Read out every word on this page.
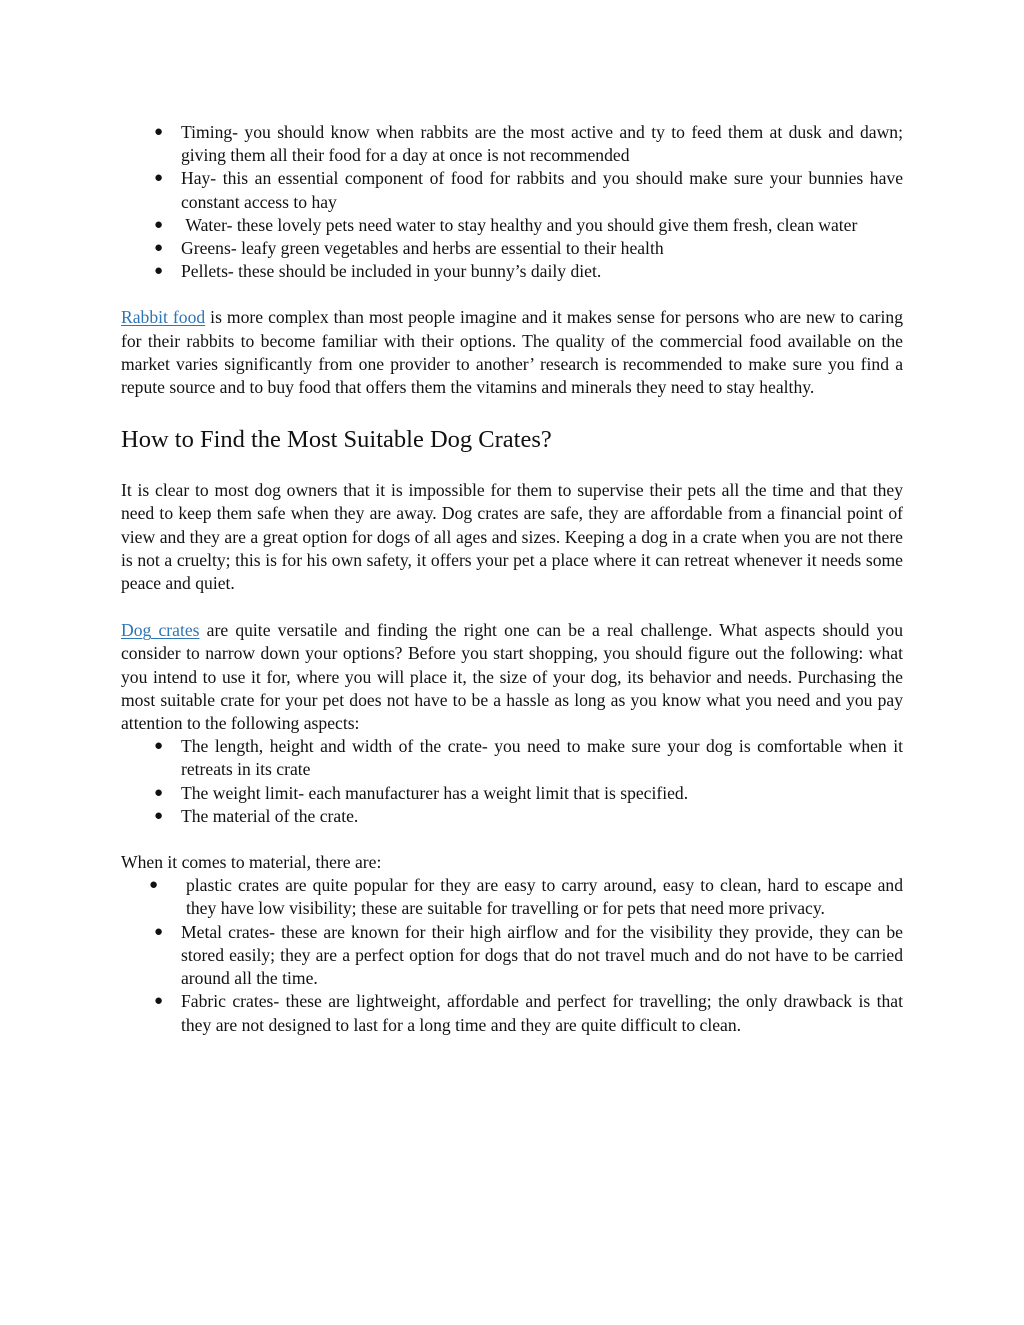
● Timing- you should know when rabbits are the most active and ty to feed them at dusk and dawn; giving them all their food for a day at once is not recommended
● Hay- this an essential component of food for rabbits and you should make sure your bunnies have constant access to hay
● Water- these lovely pets need water to stay healthy and you should give them fresh, clean water
● Greens- leafy green vegetables and herbs are essential to their health
● Pellets- these should be included in your bunny’s daily diet.

Rabbit food is more complex than most people imagine and it makes sense for persons who are new to caring for their rabbits to become familiar with their options. The quality of the commercial food available on the market varies significantly from one provider to another’ research is recommended to make sure you find a repute source and to buy food that offers them the vitamins and minerals they need to stay healthy.

How to Find the Most Suitable Dog Crates?

It is clear to most dog owners that it is impossible for them to supervise their pets all the time and that they need to keep them safe when they are away. Dog crates are safe, they are affordable from a financial point of view and they are a great option for dogs of all ages and sizes. Keeping a dog in a crate when you are not there is not a cruelty; this is for his own safety, it offers your pet a place where it can retreat whenever it needs some peace and quiet.

Dog crates are quite versatile and finding the right one can be a real challenge. What aspects should you consider to narrow down your options? Before you start shopping, you should figure out the following: what you intend to use it for, where you will place it, the size of your dog, its behavior and needs. Purchasing the most suitable crate for your pet does not have to be a hassle as long as you know what you need and you pay attention to the following aspects:

● The length, height and width of the crate- you need to make sure your dog is comfortable when it retreats in its crate
● The weight limit- each manufacturer has a weight limit that is specified.
● The material of the crate.

When it comes to material, there are:

● plastic crates are quite popular for they are easy to carry around, easy to clean, hard to escape and they have low visibility; these are suitable for travelling or for pets that need more privacy.
● Metal crates- these are known for their high airflow and for the visibility they provide, they can be stored easily; they are a perfect option for dogs that do not travel much and do not have to be carried around all the time.
● Fabric crates- these are lightweight, affordable and perfect for travelling; the only drawback is that they are not designed to last for a long time and they are quite difficult to clean.
